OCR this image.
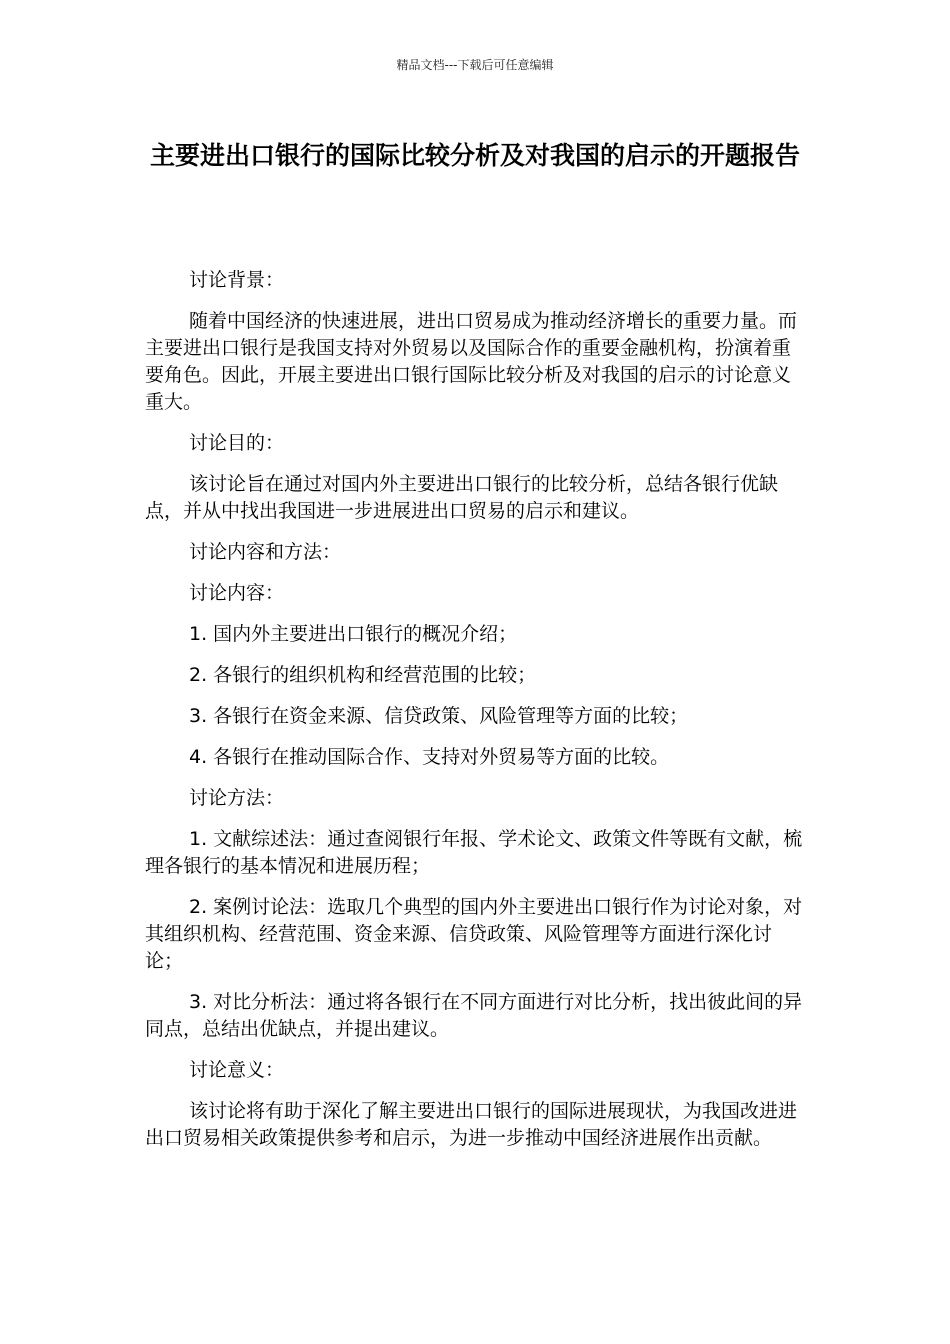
精品文档---下载后可任意编辑
主要进出口银行的国际比较分析及对我国的启示的开题报告

讨论背景：

随着中国经济的快速进展，进出口贸易成为推动经济增长的重要力量。而主要进出口银行是我国支持对外贸易以及国际合作的重要金融机构，扮演着重要角色。因此，开展主要进出口银行国际比较分析及对我国的启示的讨论意义重大。

讨论目的：

该讨论旨在通过对国内外主要进出口银行的比较分析，总结各银行优缺点，并从中找出我国进一步进展进出口贸易的启示和建议。

讨论内容和方法：

讨论内容：

1. 国内外主要进出口银行的概况介绍；

2. 各银行的组织机构和经营范围的比较；

3. 各银行在资金来源、信贷政策、风险管理等方面的比较；

4. 各银行在推动国际合作、支持对外贸易等方面的比较。

讨论方法：

1. 文献综述法：通过查阅银行年报、学术论文、政策文件等既有文献，梳理各银行的基本情况和进展历程；

2. 案例讨论法：选取几个典型的国内外主要进出口银行作为讨论对象，对其组织机构、经营范围、资金来源、信贷政策、风险管理等方面进行深化讨论；

3. 对比分析法：通过将各银行在不同方面进行对比分析，找出彼此间的异同点，总结出优缺点，并提出建议。

讨论意义：

该讨论将有助于深化了解主要进出口银行的国际进展现状，为我国改进进出口贸易相关政策提供参考和启示，为进一步推动中国经济进展作出贡献。
